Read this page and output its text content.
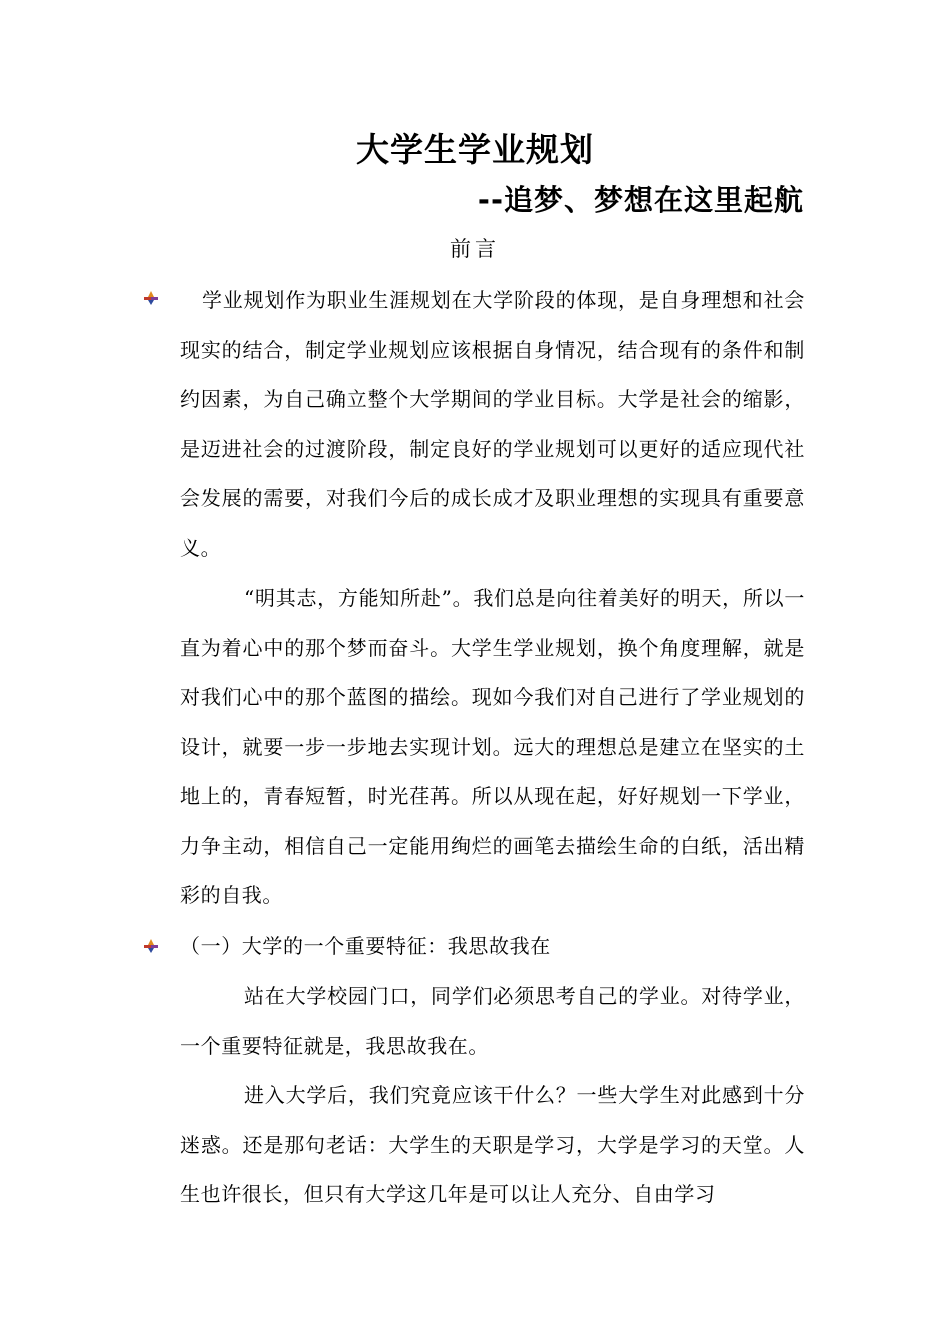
大学生学业规划
--追梦、梦想在这里起航
前言
学业规划作为职业生涯规划在大学阶段的体现，是自身理想和社会现实的结合，制定学业规划应该根据自身情况，结合现有的条件和制约因素，为自己确立整个大学期间的学业目标。大学是社会的缩影，是迈进社会的过渡阶段，制定良好的学业规划可以更好的适应现代社会发展的需要，对我们今后的成长成才及职业理想的实现具有重要意义。
“明其志，方能知所赴”。我们总是向往着美好的明天，所以一直为着心中的那个梦而奋斗。大学生学业规划，换个角度理解，就是对我们心中的那个蓝图的描绘。现如今我们对自己进行了学业规划的设计，就要一步一步地去实现计划。远大的理想总是建立在坚实的土地上的，青春短暂，时光荏苒。所以从现在起，好好规划一下学业，力争主动，相信自己一定能用绚烂的画笔去描绘生命的白纸，活出精彩的自我。
（一）大学的一个重要特征：我思故我在
站在大学校园门口，同学们必须思考自己的学业。对待学业，一个重要特征就是，我思故我在。
进入大学后，我们究竟应该干什么？一些大学生对此感到十分迷惑。还是那句老话：大学生的天职是学习，大学是学习的天堂。人生也许很长，但只有大学这几年是可以让人充分、自由学习
